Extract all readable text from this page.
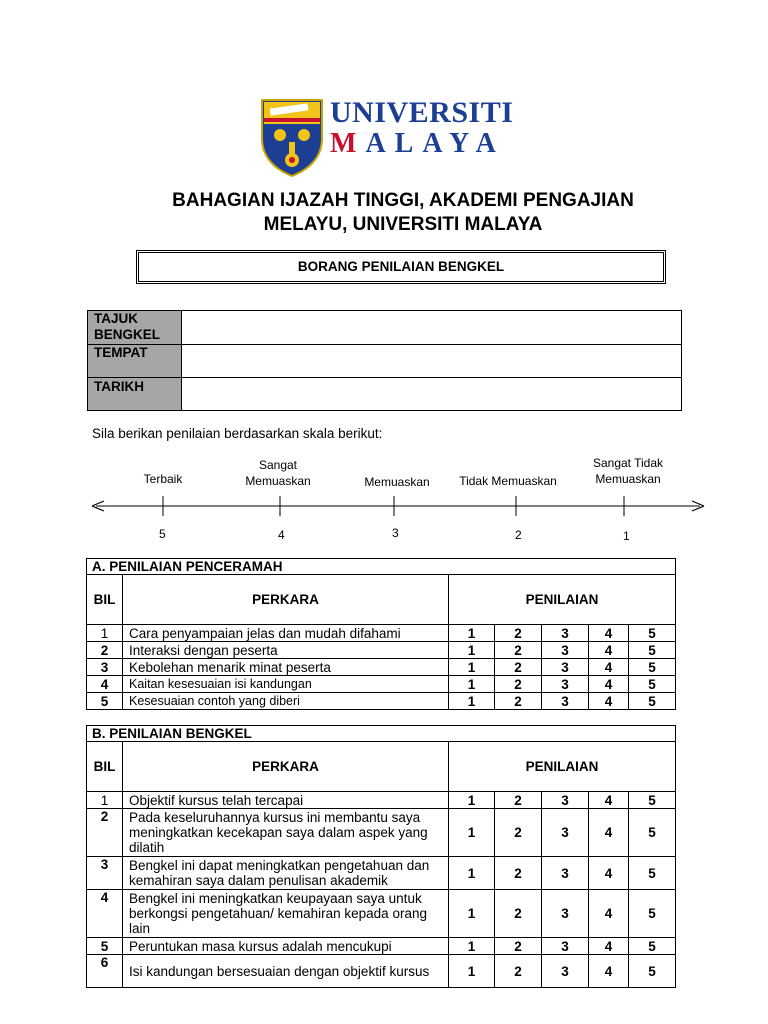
UNIVERSITI
MALAYA
BAHAGIAN IJAZAH TINGGI, AKADEMI PENGAJIAN
MELAYU, UNIVERSITI MALAYA
BORANG PENILAIAN BENGKEL
TAJUK
BENGKEL	

TEMPAT	

TARIKH	

Sila berikan penilaian berdasarkan skala berikut:
Terbaik
Sangat
Memuaskan	Memuaskan	Tidak Memuaskan
Sangat Tidak
Memuaskan
5	4	3	2	1
A. PENILAIAN PENCERAMAH						
BIL	PERKARA	PENILAIAN				
1	Cara penyampaian jelas dan mudah difahami	1	2	3	4	5
2	Interaksi dengan peserta	1	2	3	4	5
3	Kebolehan menarik minat peserta	1	2	3	4	5
4	Kaitan kesesuaian isi kandungan	1	2	3	4	5
5	Kesesuaian contoh yang diberi	1	2	3	4	5
B. PENILAIAN BENGKEL						
BIL	PERKARA	PENILAIAN				
1	Objektif kursus telah tercapai	1	2	3	4	5
2	Pada keseluruhannya kursus ini membantu saya meningkatkan kecekapan saya dalam aspek yang dilatih	1	2	3	4	5
3	Bengkel ini dapat meningkatkan pengetahuan dan kemahiran saya dalam penulisan akademik	1	2	3	4	5
4	Bengkel ini meningkatkan keupayaan saya untuk berkongsi pengetahuan/ kemahiran kepada orang lain	1	2	3	4	5
5	Peruntukan masa kursus adalah mencukupi	1	2	3	4	5
6	Isi kandungan bersesuaian dengan objektif kursus	1	2	3	4	5
